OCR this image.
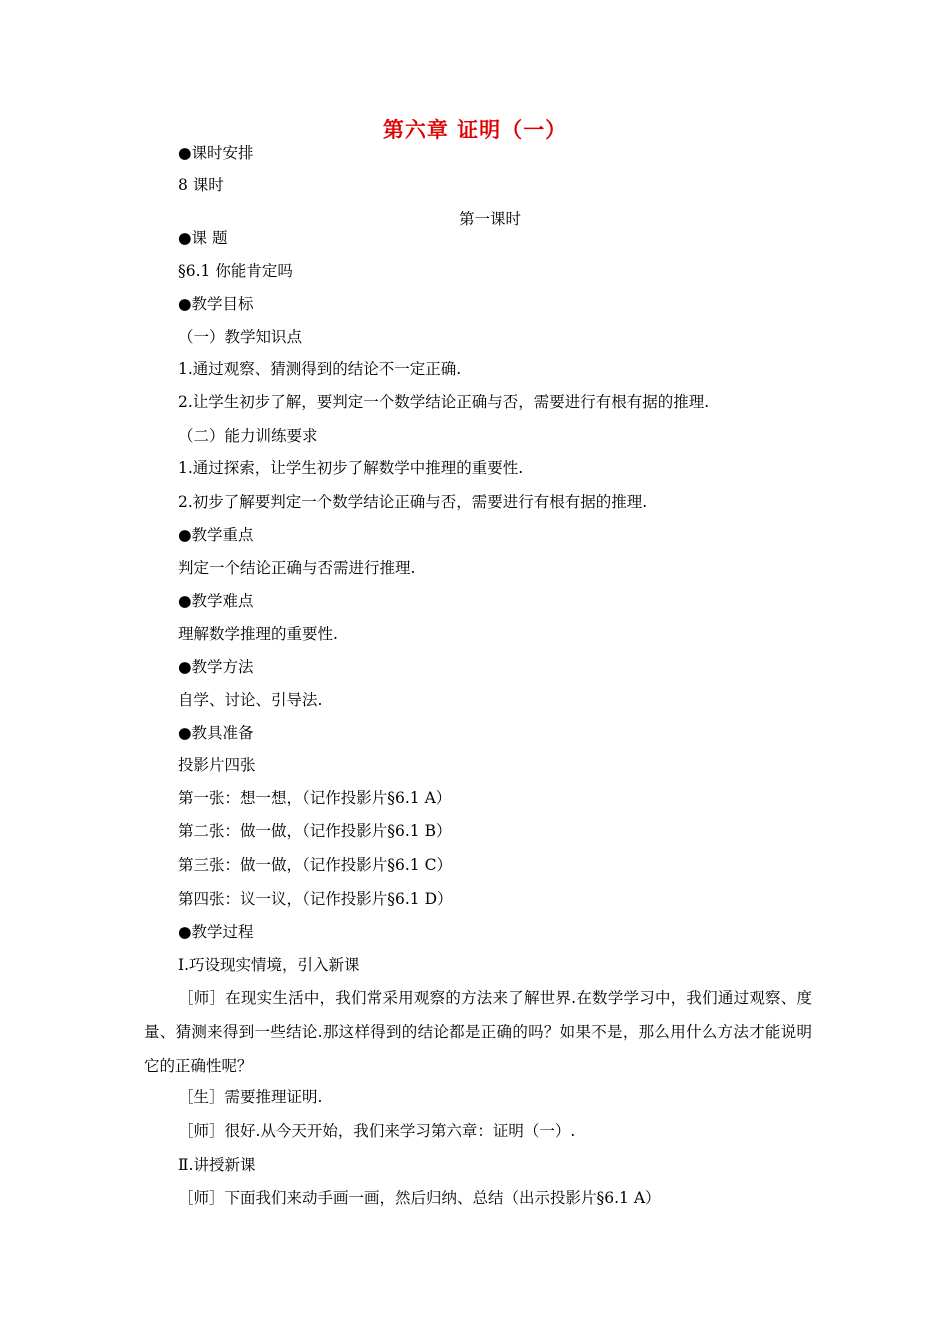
第六章 证明（一）
●课时安排
8 课时
第一课时
●课 题
§6.1 你能肯定吗
●教学目标
（一）教学知识点
1.通过观察、猜测得到的结论不一定正确.
2.让学生初步了解，要判定一个数学结论正确与否，需要进行有根有据的推理.
（二）能力训练要求
1.通过探索，让学生初步了解数学中推理的重要性.
2.初步了解要判定一个数学结论正确与否，需要进行有根有据的推理.
●教学重点
判定一个结论正确与否需进行推理.
●教学难点
理解数学推理的重要性.
●教学方法
自学、讨论、引导法.
●教具准备
投影片四张
第一张：想一想，（记作投影片§6.1 A）
第二张：做一做，（记作投影片§6.1 B）
第三张：做一做，（记作投影片§6.1 C）
第四张：议一议，（记作投影片§6.1 D）
●教学过程
Ⅰ.巧设现实情境，引入新课
［师］在现实生活中，我们常采用观察的方法来了解世界.在数学学习中，我们通过观察、度量、猜测来得到一些结论.那这样得到的结论都是正确的吗？如果不是，那么用什么方法才能说明它的正确性呢？
［生］需要推理证明.
［师］很好.从今天开始，我们来学习第六章：证明（一）.
Ⅱ.讲授新课
［师］下面我们来动手画一画，然后归纳、总结（出示投影片§6.1 A）
